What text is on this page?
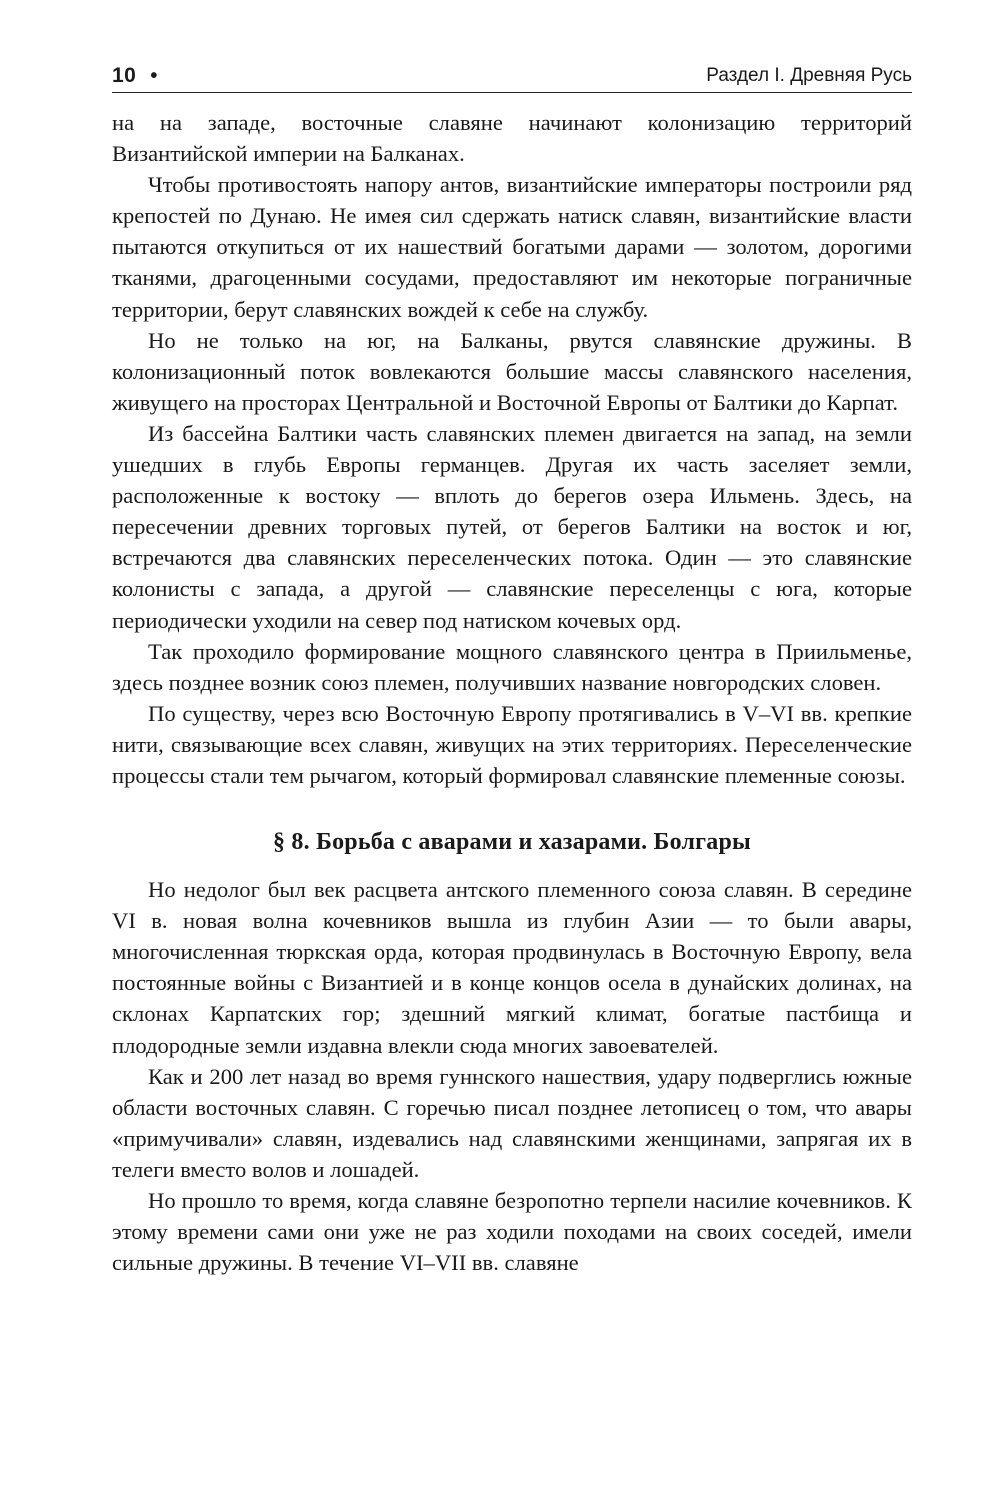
10 •	Раздел I. Древняя Русь

на на западе, восточные славяне начинают колонизацию территорий Византийской империи на Балканах.

Чтобы противостоять напору антов, византийские императоры построили ряд крепостей по Дунаю. Не имея сил сдержать натиск славян, византийские власти пытаются откупиться от их нашествий богатыми дарами — золотом, дорогими тканями, драгоценными сосудами, предоставляют им некоторые пограничные территории, берут славянских вождей к себе на службу.

Но не только на юг, на Балканы, рвутся славянские дружины. В колонизационный поток вовлекаются большие массы славянского населения, живущего на просторах Центральной и Восточной Европы от Балтики до Карпат.

Из бассейна Балтики часть славянских племен двигается на запад, на земли ушедших в глубь Европы германцев. Другая их часть заселяет земли, расположенные к востоку — вплоть до берегов озера Ильмень. Здесь, на пересечении древних торговых путей, от берегов Балтики на восток и юг, встречаются два славянских переселенческих потока. Один — это славянские колонисты с запада, а другой — славянские переселенцы с юга, которые периодически уходили на север под натиском кочевых орд.

Так проходило формирование мощного славянского центра в Приильменье, здесь позднее возник союз племен, получивших название новгородских словен.

По существу, через всю Восточную Европу протягивались в V–VI вв. крепкие нити, связывающие всех славян, живущих на этих территориях. Переселенческие процессы стали тем рычагом, который формировал славянские племенные союзы.

§ 8. Борьба с аварами и хазарами. Болгары

Но недолог был век расцвета антского племенного союза славян. В середине VI в. новая волна кочевников вышла из глубин Азии — то были авары, многочисленная тюркская орда, которая продвинулась в Восточную Европу, вела постоянные войны с Византией и в конце концов осела в дунайских долинах, на склонах Карпатских гор; здешний мягкий климат, богатые пастбища и плодородные земли издавна влекли сюда многих завоевателей.

Как и 200 лет назад во время гуннского нашествия, удару подверглись южные области восточных славян. С горечью писал позднее летописец о том, что авары «примучивали» славян, издевались над славянскими женщинами, запрягая их в телеги вместо волов и лошадей.

Но прошло то время, когда славяне безропотно терпели насилие кочевников. К этому времени сами они уже не раз ходили походами на своих соседей, имели сильные дружины. В течение VI–VII вв. славяне
